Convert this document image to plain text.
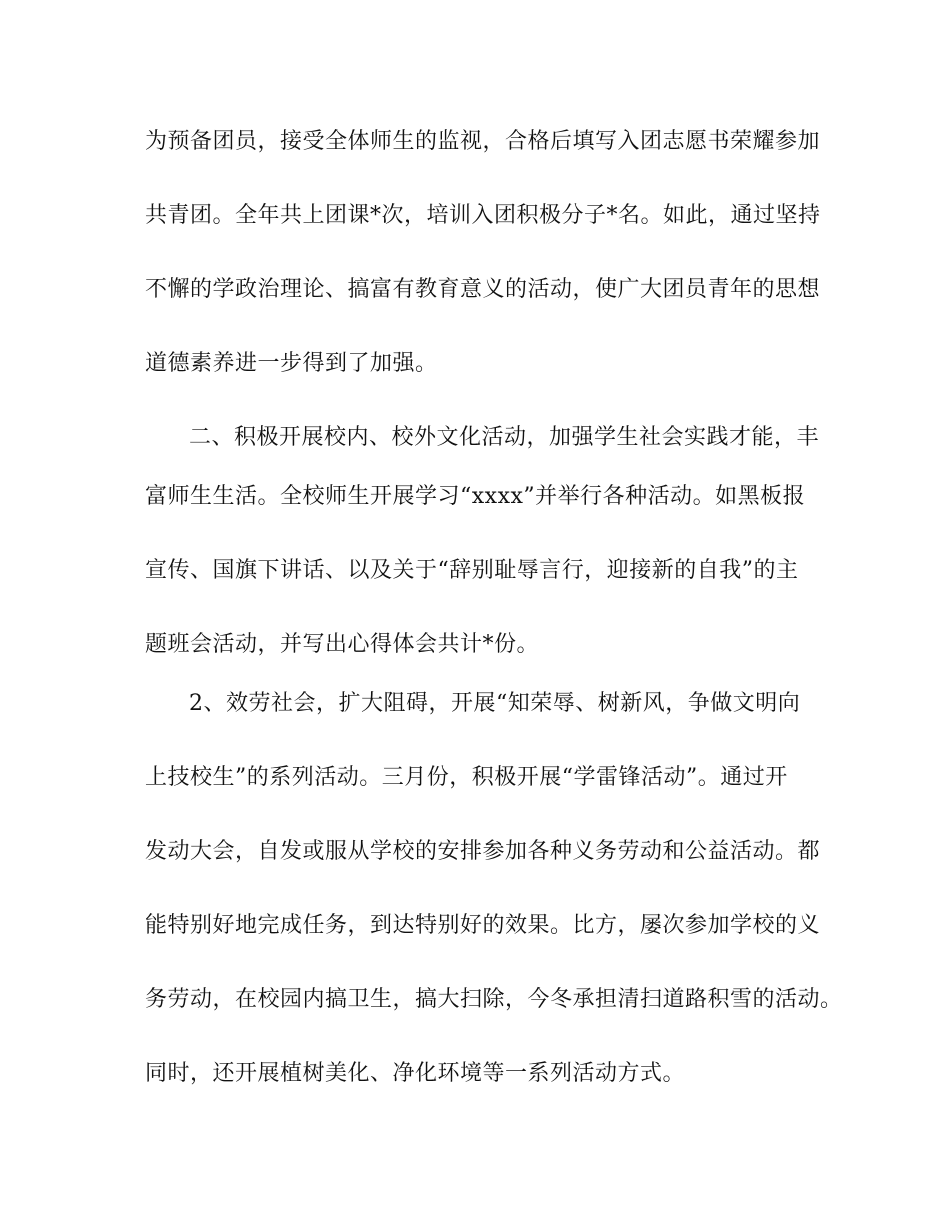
为预备团员，接受全体师生的监视，合格后填写入团志愿书荣耀参加
共青团。全年共上团课*次，培训入团积极分子*名。如此，通过坚持
不懈的学政治理论、搞富有教育意义的活动，使广大团员青年的思想
道德素养进一步得到了加强。
二、积极开展校内、校外文化活动，加强学生社会实践才能，丰
富师生生活。全校师生开展学习“xxxx”并举行各种活动。如黑板报
宣传、国旗下讲话、以及关于“辞别耻辱言行，迎接新的自我”的主
题班会活动，并写出心得体会共计*份。
2、效劳社会，扩大阻碍，开展“知荣辱、树新风，争做文明向
上技校生”的系列活动。三月份，积极开展“学雷锋活动”。通过开
发动大会，自发或服从学校的安排参加各种义务劳动和公益活动。都
能特别好地完成任务，到达特别好的效果。比方，屡次参加学校的义
务劳动，在校园内搞卫生，搞大扫除，今冬承担清扫道路积雪的活动。
同时，还开展植树美化、净化环境等一系列活动方式。
